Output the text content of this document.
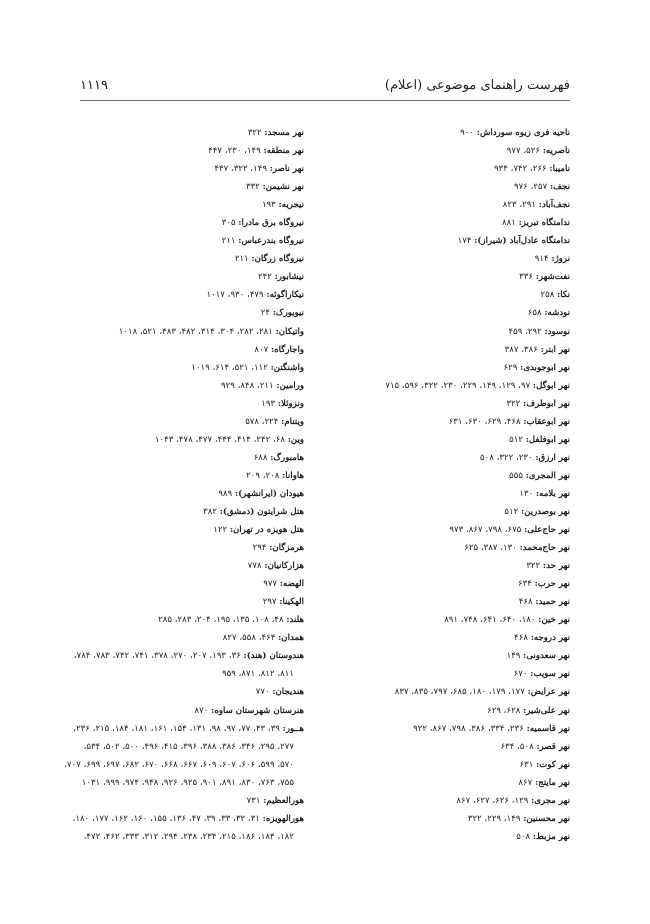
فهرست راهنمای موضوعی (اعلام)
۱۱۱۹
ناحیه فری زیوه سورداش: ۹۰۰
ناصریه: ۵۲۶، ۹۷۷
نامیبا: ۲۶۶، ۷۴۲، ۹۳۴
نجف: ۲۵۷، ۹۷۶
نجف‌آباد: ۲۹۱، ۸۲۳
ندامتگاه تبریز: ۸۸۱
ندامتگاه عادل‌آباد (شیراز): ۱۷۴
نروژ: ۹۱۴
نفت‌شهر: ۳۳۶
نکا: ۲۵۸
نودشه: ۶۵۸
نوسود: ۲۹۲، ۴۵۹
نهر ابتر: ۳۸۶، ۳۸۷
نهر ابوجوبدی: ۶۲۹
نهر ابوگل: ۹۷، ۱۲۹، ۱۴۹، ۲۲۹، ۲۳۰، ۳۲۲، ۵۹۶، ۷۱۵
نهر ابوطرف: ۳۲۲
نهر ابوعقاب: ۴۶۸، ۶۲۹، ۶۳۰، ۶۳۱
نهر ابوفلفل: ۵۱۲
نهر ارزق: ۲۳۰، ۳۲۲، ۵۰۸
نهر المجری: ۵۵۵
نهر بلامه: ۱۳۰
نهر بوصدرین: ۵۱۲
نهر حاج‌علی: ۶۷۵، ۷۹۸، ۸۶۷، ۹۷۳
نهر حاج‌محمد: ۱۳۰، ۳۸۷، ۶۲۵
نهر حد: ۳۲۲
نهر حرب: ۶۳۴
نهر حمید: ۴۶۸
نهر خین: ۱۸۰، ۶۴۰، ۶۴۱، ۷۴۸، ۸۹۱
نهر دروجه: ۴۶۸
نهر سعدونی: ۱۴۹
نهر سویب: ۶۷۰
نهر عرایض: ۱۷۷، ۱۷۹، ۱۸۰، ۶۸۵، ۷۹۷، ۸۳۵، ۸۳۷
نهر علی‌شیر: ۶۲۸، ۶۲۹
نهر قاسمیه: ۲۳۶، ۳۳۴، ۳۸۶، ۷۹۸، ۸۶۷، ۹۲۲
نهر قصر: ۵۰۸، ۶۳۴
نهر کوت: ۶۳۱
نهر مایتج: ۸۶۷
نهر مجری: ۱۲۹، ۶۲۶، ۶۲۷، ۸۶۷
نهر محسنین: ۱۴۹، ۲۲۹، ۳۲۲
نهر مزبط: ۵۰۸
نهر مسجد: ۳۲۲
نهر منطقه: ۱۴۹، ۲۳۰، ۴۴۷
نهر ناصر: ۱۴۹، ۳۲۲، ۴۴۷
نهر نشیمن: ۳۳۲
نیجریه: ۱۹۳
نیروگاه برق مادرا: ۳۰۵
نیروگاه بندرعباس: ۲۱۱
نیروگاه زرگان: ۲۱۱
نیشابور: ۲۴۲
نیکاراگوئه: ۴۷۹، ۹۳۰، ۱۰۱۷
نیویورک: ۲۴
واتیکان: ۲۸۱، ۲۸۲، ۳۰۴، ۳۱۴، ۴۸۲، ۴۸۳، ۵۲۱، ۱۰۱۸
واجارگاه: ۸۰۷
واشنگتن: ۱۱۲، ۵۲۱، ۶۱۴، ۱۰۱۹
ورامین: ۲۱۱، ۸۴۸، ۹۲۹
ونزوئلا: ۱۹۳
ویتنام: ۲۲۴، ۵۷۸
وین: ۶۸، ۲۴۲، ۴۱۴، ۴۴۴، ۴۷۷، ۴۷۸، ۱۰۴۳
هامبورگ: ۶۸۸
هاوانا: ۲۰۸، ۲۰۹
هیودان (ایرانشهر): ۹۸۹
هتل شرایتون (دمشق): ۳۸۲
هتل هویزه در تهران: ۱۲۲
هرمزگان: ۲۹۴
هزارکانیان: ۷۷۸
الهضه: ۹۷۷
الهکینا: ۲۹۷
هلند: ۴۸، ۱۰۸، ۱۳۵، ۱۹۵، ۲۰۴، ۲۸۳، ۲۸۵
همدان: ۴۶۴، ۵۵۸، ۸۲۷
هندوستان (هند): ۳۶، ۱۹۳، ۲۰۷، ۲۷۰، ۳۷۸، ۷۴۱، ۷۴۲، ۷۸۳، ۷۸۴،
۸۱۱، ۸۱۲، ۸۷۱، ۹۵۹
هندیجان: ۷۷۰
هنرستان شهرستان ساوه: ۸۷۰
هــور: ۳۹، ۴۳، ۷۷، ۹۷، ۹۸، ۱۳۱، ۱۵۴، ۱۶۱، ۱۸۱، ۱۸۴، ۲۱۵، ۲۳۶،
۲۷۷، ۲۹۵، ۳۴۶، ۳۸۶، ۳۸۸، ۳۹۶، ۴۱۵، ۴۹۶، ۵۰۰، ۵۰۲، ۵۳۴،
۵۷۰، ۵۹۹، ۶۰۶، ۶۰۷، ۶۰۹، ۶۶۷، ۶۶۸، ۶۷۰، ۶۸۲، ۶۹۷، ۶۹۹، ۷۰۷،
۷۵۵، ۷۶۳، ۸۳۰، ۸۹۱، ۹۰۱، ۹۲۵، ۹۲۶، ۹۴۸، ۹۷۴، ۹۹۹، ۱۰۳۱
هورالعظیم: ۷۳۱
هورالهویزه: ۳۱، ۳۲، ۳۳، ۳۹، ۴۷، ۱۳۶، ۱۵۵، ۱۶۰، ۱۶۲، ۱۷۷، ۱۸۰،
۱۸۲، ۱۸۴، ۱۸۶، ۲۱۵، ۲۳۴، ۲۳۸، ۲۹۴، ۳۱۲، ۳۳۳، ۴۶۲، ۴۷۲،
